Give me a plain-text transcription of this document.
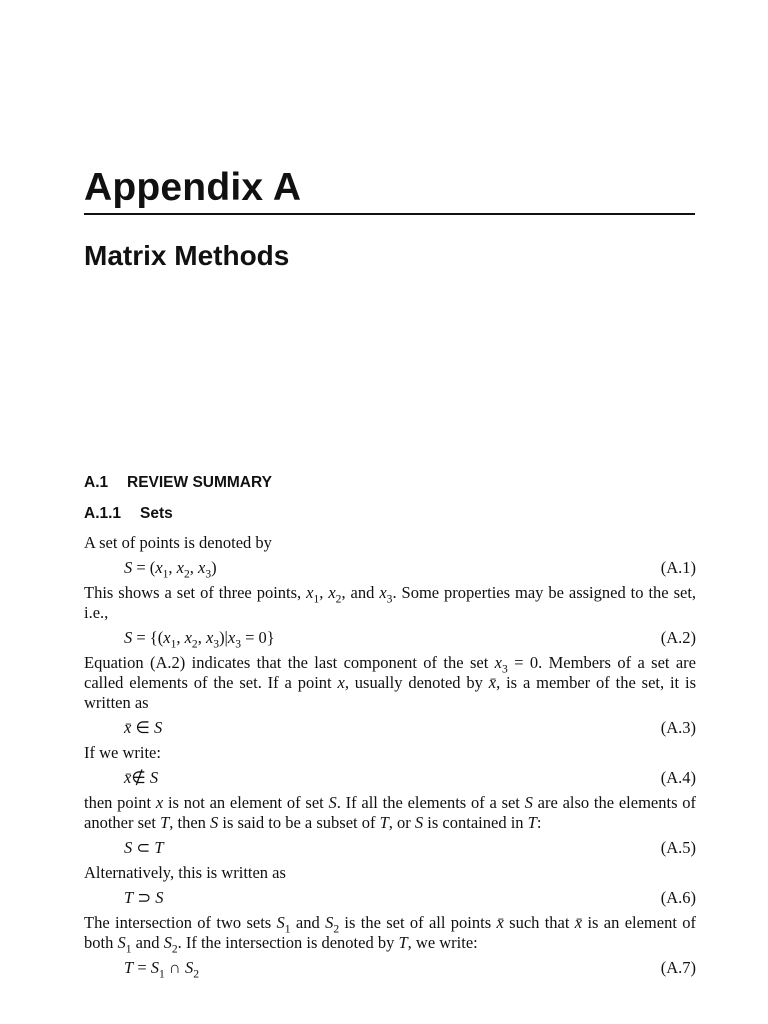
Appendix A
Matrix Methods
A.1 REVIEW SUMMARY
A.1.1 Sets

A set of points is denoted by

$S = (x_1$, $x_2$, $x_3$)	(A.1)

This shows a set of three points, $x_1$, $x_2$, and $x_3$. Some properties may be assigned to the set, i.e.,

$S = \{(x_1$, $x_2$, $x_3)|x_3 = 0$}	(A.2)

Equation (A.2) indicates that the last component of the set $x_3 = 0$. Members of a set are called elements of the set. If a point x, usually denoted by x̄, is a member of the set, it is written as

x̄ ∈ S	(A.3)

If we write:

x̄∉ S	(A.4)

then point x is not an element of set S. If all the elements of a set S are also the elements of another set T, then S is said to be a subset of T, or S is contained in T:

S ⊂ T	(A.5)

Alternatively, this is written as

T ⊃ S	(A.6)

The intersection of two sets $S_1$ and $S_2$ is the set of all points x̄ such that x̄ is an element of both $S_1$ and $S_2$. If the intersection is denoted by T, we write:

$T = S_1$ ∩ $S_2$	(A.7)
